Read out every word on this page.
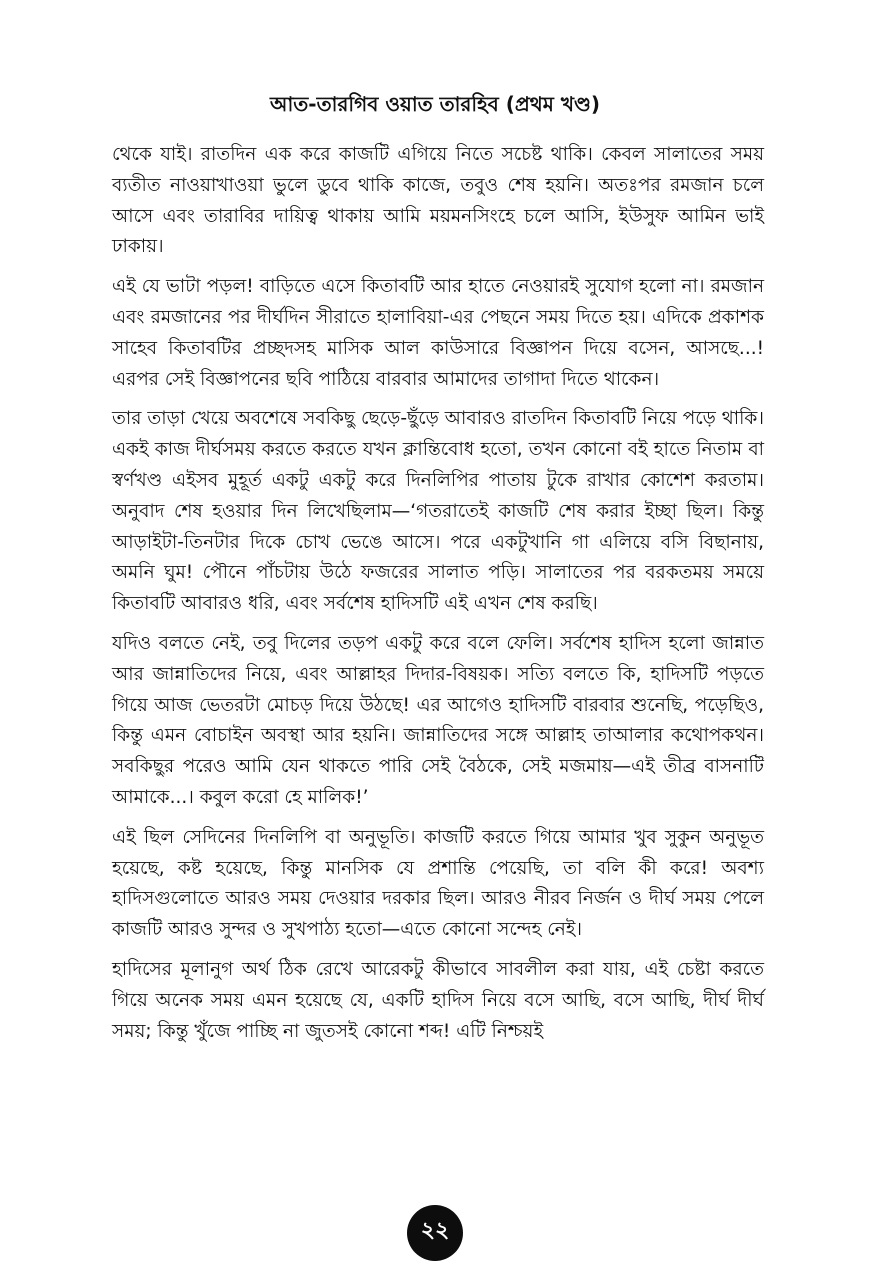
আত-তারগিব ওয়াত তারহিব (প্রথম খণ্ড)

থেকে যাই। রাতদিন এক করে কাজটি এগিয়ে নিতে সচেষ্ট থাকি। কেবল সালাতের সময় ব্যতীত নাওয়াখাওয়া ভুলে ডুবে থাকি কাজে, তবুও শেষ হয়নি। অতঃপর রমজান চলে আসে এবং তারাবির দায়িত্ব থাকায় আমি ময়মনসিংহে চলে আসি, ইউসুফ আমিন ভাই ঢাকায়।

এই যে ভাটা পড়ল! বাড়িতে এসে কিতাবটি আর হাতে নেওয়ারই সুযোগ হলো না। রমজান এবং রমজানের পর দীর্ঘদিন সীরাতে হালাবিয়া-এর পেছনে সময় দিতে হয়। এদিকে প্রকাশক সাহেব কিতাবটির প্রচ্ছদসহ মাসিক আল কাউসারে বিজ্ঞাপন দিয়ে বসেন, আসছে...! এরপর সেই বিজ্ঞাপনের ছবি পাঠিয়ে বারবার আমাদের তাগাদা দিতে থাকেন।

তার তাড়া খেয়ে অবশেষে সবকিছু ছেড়ে-ছুঁড়ে আবারও রাতদিন কিতাবটি নিয়ে পড়ে থাকি। একই কাজ দীর্ঘসময় করতে করতে যখন ক্লান্তিবোধ হতো, তখন কোনো বই হাতে নিতাম বা স্বর্ণখণ্ড এইসব মুহূর্ত একটু একটু করে দিনলিপির পাতায় টুকে রাখার কোশেশ করতাম। অনুবাদ শেষ হওয়ার দিন লিখেছিলাম—‘গতরাতেই কাজটি শেষ করার ইচ্ছা ছিল। কিন্তু আড়াইটা-তিনটার দিকে চোখ ভেঙে আসে। পরে একটুখানি গা এলিয়ে বসি বিছানায়, অমনি ঘুম! পৌনে পাঁচটায় উঠে ফজরের সালাত পড়ি। সালাতের পর বরকতময় সময়ে কিতাবটি আবারও ধরি, এবং সর্বশেষ হাদিসটি এই এখন শেষ করছি।

যদিও বলতে নেই, তবু দিলের তড়প একটু করে বলে ফেলি। সর্বশেষ হাদিস হলো জান্নাত আর জান্নাতিদের নিয়ে, এবং আল্লাহর দিদার-বিষয়ক। সত্যি বলতে কি, হাদিসটি পড়তে গিয়ে আজ ভেতরটা মোচড় দিয়ে উঠছে! এর আগেও হাদিসটি বারবার শুনেছি, পড়েছিও, কিন্তু এমন বোচাইন অবস্থা আর হয়নি। জান্নাতিদের সঙ্গে আল্লাহ তাআলার কথোপকথন। সবকিছুর পরেও আমি যেন থাকতে পারি সেই বৈঠকে, সেই মজমায়—এই তীব্র বাসনাটি আমাকে...। কবুল করো হে মালিক!’

এই ছিল সেদিনের দিনলিপি বা অনুভূতি। কাজটি করতে গিয়ে আমার খুব সুকুন অনুভূত হয়েছে, কষ্ট হয়েছে, কিন্তু মানসিক যে প্রশান্তি পেয়েছি, তা বলি কী করে! অবশ্য হাদিসগুলোতে আরও সময় দেওয়ার দরকার ছিল। আরও নীরব নির্জন ও দীর্ঘ সময় পেলে কাজটি আরও সুন্দর ও সুখপাঠ্য হতো—এতে কোনো সন্দেহ নেই।

হাদিসের মূলানুগ অর্থ ঠিক রেখে আরেকটু কীভাবে সাবলীল করা যায়, এই চেষ্টা করতে গিয়ে অনেক সময় এমন হয়েছে যে, একটি হাদিস নিয়ে বসে আছি, বসে আছি, দীর্ঘ দীর্ঘ সময়; কিন্তু খুঁজে পাচ্ছি না জুতসই কোনো শব্দ! এটি নিশ্চয়ই

২২
